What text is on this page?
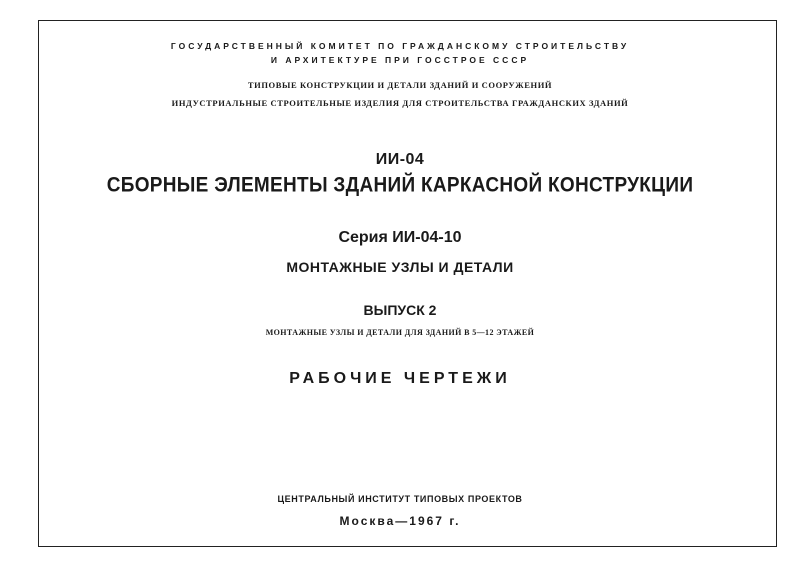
ГОСУДАРСТВЕННЫЙ КОМИТЕТ ПО ГРАЖДАНСКОМУ СТРОИТЕЛЬСТВУ
И АРХИТЕКТУРЕ ПРИ ГОССТРОЕ СССР
ТИПОВЫЕ КОНСТРУКЦИИ И ДЕТАЛИ ЗДАНИЙ И СООРУЖЕНИЙ
ИНДУСТРИАЛЬНЫЕ СТРОИТЕЛЬНЫЕ ИЗДЕЛИЯ ДЛЯ СТРОИТЕЛЬСТВА ГРАЖДАНСКИХ ЗДАНИЙ
ИИ-04
СБОРНЫЕ ЭЛЕМЕНТЫ ЗДАНИЙ КАРКАСНОЙ КОНСТРУКЦИИ
Серия ИИ-04-10
МОНТАЖНЫЕ УЗЛЫ И ДЕТАЛИ
ВЫПУСК 2
МОНТАЖНЫЕ УЗЛЫ И ДЕТАЛИ ДЛЯ ЗДАНИЙ В 5—12 ЭТАЖЕЙ
РАБОЧИЕ ЧЕРТЕЖИ
ЦЕНТРАЛЬНЫЙ ИНСТИТУТ ТИПОВЫХ ПРОЕКТОВ
Москва—1967 г.
